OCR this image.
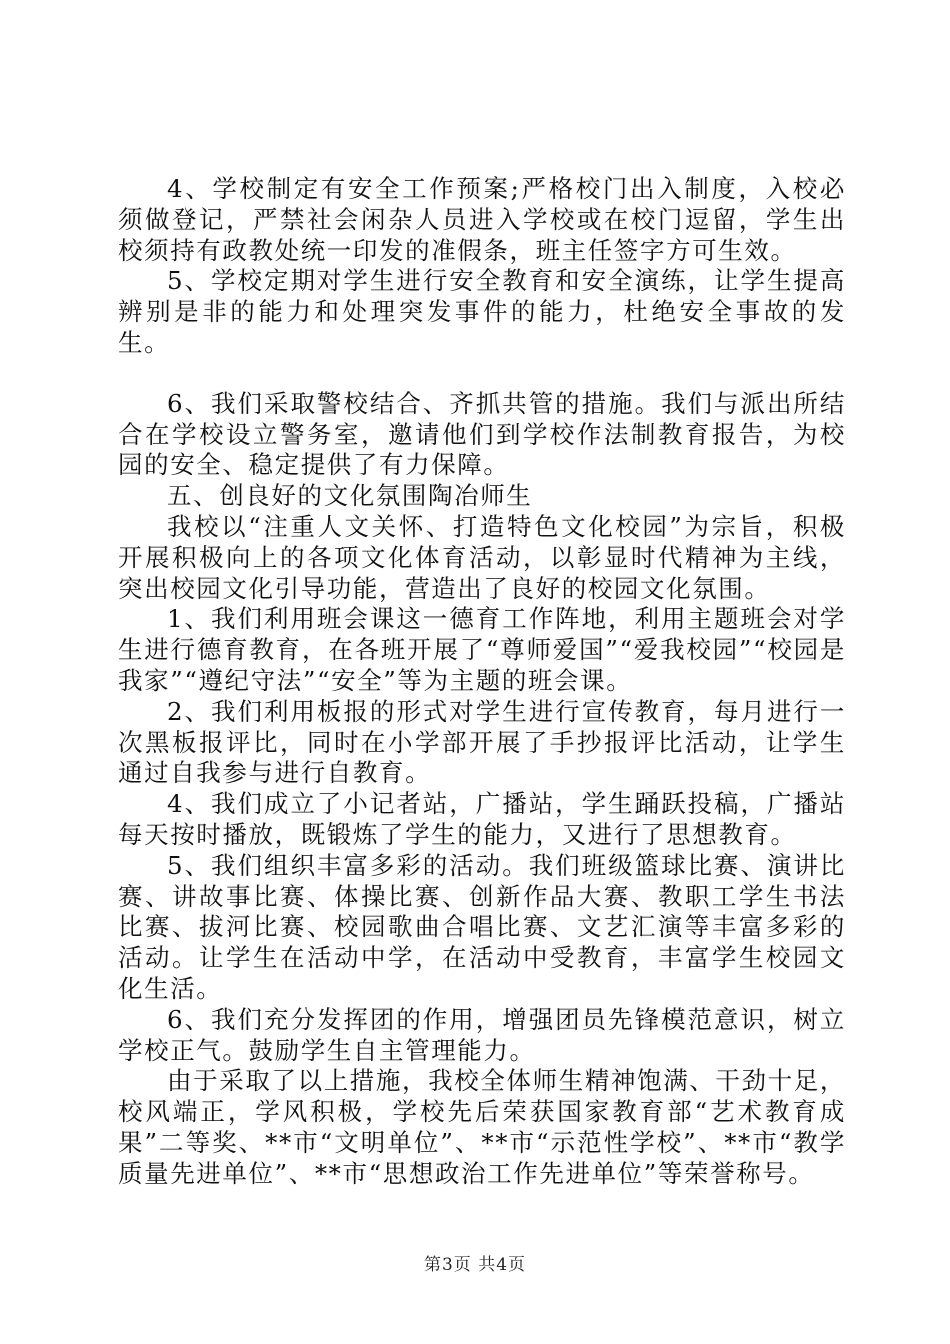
4、学校制定有安全工作预案;严格校门出入制度，入校必须做登记，严禁社会闲杂人员进入学校或在校门逗留，学生出校须持有政教处统一印发的准假条，班主任签字方可生效。

5、学校定期对学生进行安全教育和安全演练，让学生提高辨别是非的能力和处理突发事件的能力，杜绝安全事故的发生。

6、我们采取警校结合、齐抓共管的措施。我们与派出所结合在学校设立警务室，邀请他们到学校作法制教育报告，为校园的安全、稳定提供了有力保障。

五、创良好的文化氛围陶冶师生

我校以“注重人文关怀、打造特色文化校园”为宗旨，积极开展积极向上的各项文化体育活动，以彰显时代精神为主线，突出校园文化引导功能，营造出了良好的校园文化氛围。

1、我们利用班会课这一德育工作阵地，利用主题班会对学生进行德育教育，在各班开展了“尊师爱国”“爱我校园”“校园是我家”“遵纪守法”“安全”等为主题的班会课。

2、我们利用板报的形式对学生进行宣传教育，每月进行一次黑板报评比，同时在小学部开展了手抄报评比活动，让学生通过自我参与进行自教育。

4、我们成立了小记者站，广播站，学生踊跃投稿，广播站每天按时播放，既锻炼了学生的能力，又进行了思想教育。

5、我们组织丰富多彩的活动。我们班级篮球比赛、演讲比赛、讲故事比赛、体操比赛、创新作品大赛、教职工学生书法比赛、拔河比赛、校园歌曲合唱比赛、文艺汇演等丰富多彩的活动。让学生在活动中学，在活动中受教育，丰富学生校园文化生活。

6、我们充分发挥团的作用，增强团员先锋模范意识，树立学校正气。鼓励学生自主管理能力。

由于采取了以上措施，我校全体师生精神饱满、干劲十足，校风端正，学风积极，学校先后荣获国家教育部“艺术教育成果”二等奖、**市“文明单位”、**市“示范性学校”、**市“教学质量先进单位”、**市“思想政治工作先进单位”等荣誉称号。

第3页 共4页
